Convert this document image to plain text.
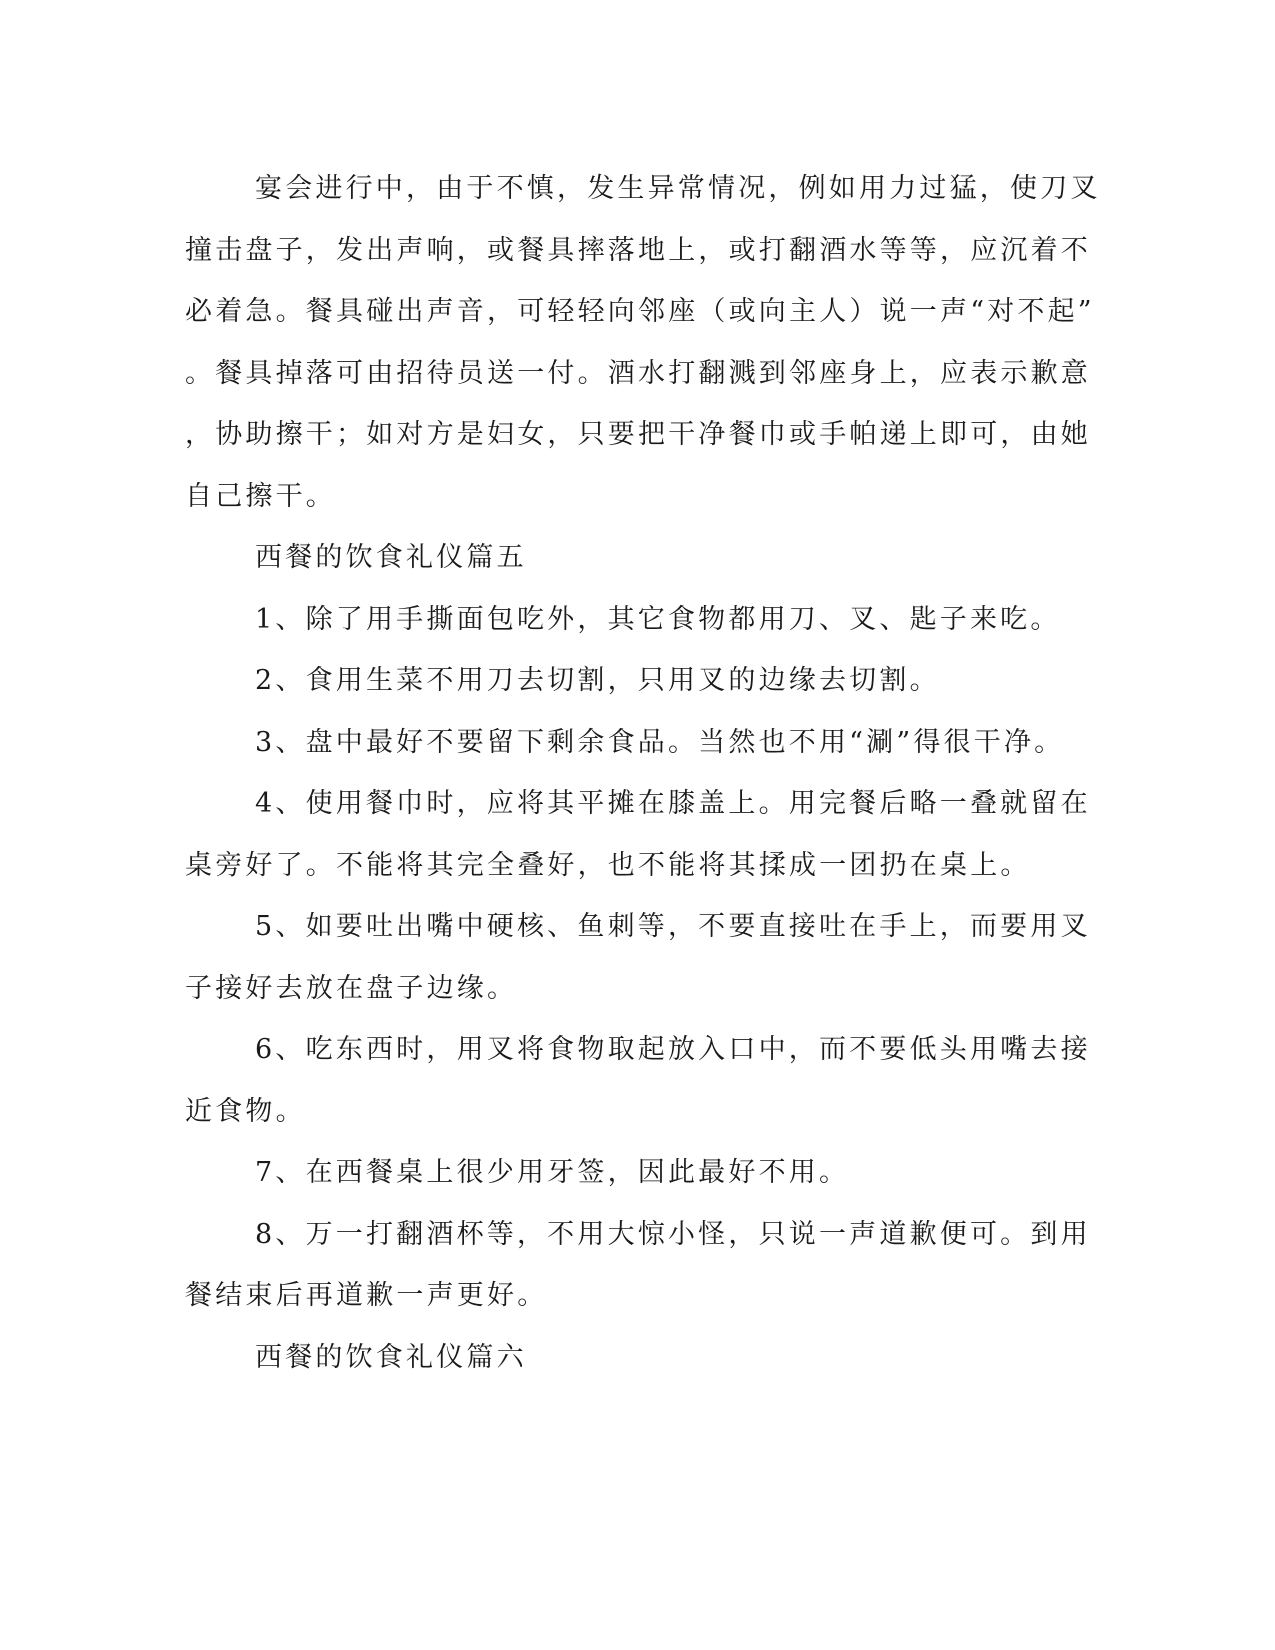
宴会进行中，由于不慎，发生异常情况，例如用力过猛，使刀叉
撞击盘子，发出声响，或餐具摔落地上，或打翻酒水等等，应沉着不
必着急。餐具碰出声音，可轻轻向邻座（或向主人）说一声“对不起”
。餐具掉落可由招待员送一付。酒水打翻溅到邻座身上，应表示歉意
，协助擦干；如对方是妇女，只要把干净餐巾或手帕递上即可，由她
自己擦干。
西餐的饮食礼仪篇五
1、除了用手撕面包吃外，其它食物都用刀、叉、匙子来吃。
2、食用生菜不用刀去切割，只用叉的边缘去切割。
3、盘中最好不要留下剩余食品。当然也不用“涮”得很干净。
4、使用餐巾时，应将其平摊在膝盖上。用完餐后略一叠就留在
桌旁好了。不能将其完全叠好，也不能将其揉成一团扔在桌上。
5、如要吐出嘴中硬核、鱼刺等，不要直接吐在手上，而要用叉
子接好去放在盘子边缘。
6、吃东西时，用叉将食物取起放入口中，而不要低头用嘴去接
近食物。
7、在西餐桌上很少用牙签，因此最好不用。
8、万一打翻酒杯等，不用大惊小怪，只说一声道歉便可。到用
餐结束后再道歉一声更好。
西餐的饮食礼仪篇六
